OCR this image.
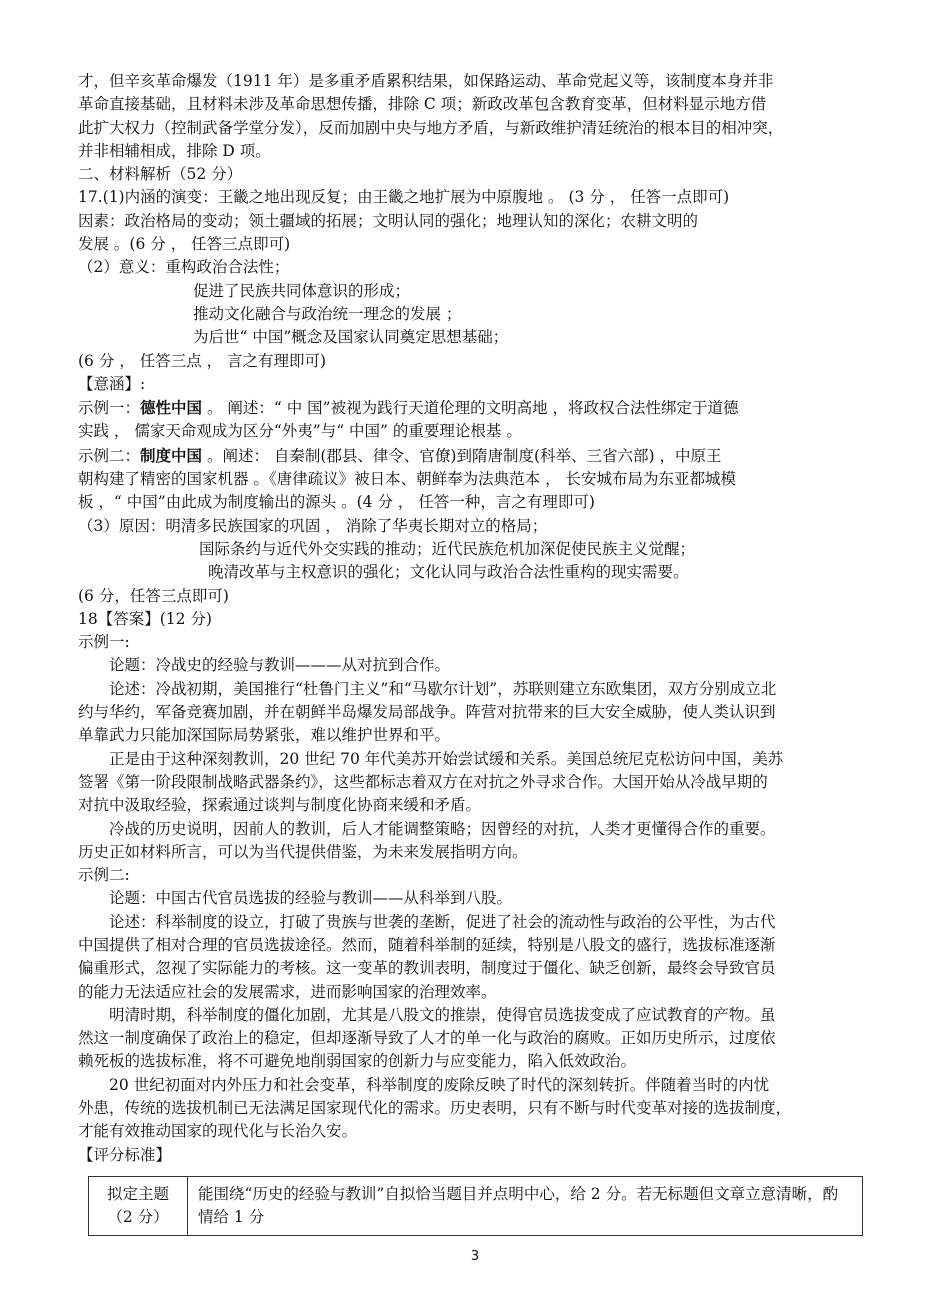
才，但辛亥革命爆发（1911 年）是多重矛盾累积结果，如保路运动、革命党起义等，该制度本身并非

革命直接基础，且材料未涉及革命思想传播，排除 C 项；新政改革包含教育变革，但材料显示地方借

此扩大权力（控制武备学堂分发），反而加剧中央与地方矛盾，与新政维护清廷统治的根本目的相冲突，

并非相辅相成，排除 D 项。

二、材料解析（52 分）

17.(1)内涵的演变：王畿之地出现反复；由王畿之地扩展为中原腹地 。 (3 分 ， 任答一点即可)

因素：政治格局的变动；领土疆域的拓展；文明认同的强化；地理认知的深化；农耕文明的

发展 。(6 分 ， 任答三点即可)

（2）意义：重构政治合法性；

促进了民族共同体意识的形成；

推动文化融合与政治统一理念的发展 ；

为后世“ 中国”概念及国家认同奠定思想基础；

(6 分 ， 任答三点 ， 言之有理即可)

【意涵】:

示例一：德性中国 。 阐述：“ 中 国”被视为践行天道伦理的文明高地 ，将政权合法性绑定于道德

实践 ， 儒家天命观成为区分“外夷”与“ 中国” 的重要理论根基 。

示例二：制度中国 。阐述： 自秦制(郡县、律令、官僚)到隋唐制度(科举、三省六部) ，中原王

朝构建了精密的国家机器 。《唐律疏议》被日本、朝鲜奉为法典范本 ， 长安城布局为东亚都城模

板 ，“ 中国”由此成为制度输出的源头 。(4 分 ， 任答一种，言之有理即可)

（3）原因：明清多民族国家的巩固 ， 消除了华夷长期对立的格局；

国际条约与近代外交实践的推动；近代民族危机加深促使民族主义觉醒；

晚清改革与主权意识的强化；文化认同与政治合法性重构的现实需要。

(6 分，任答三点即可)

18【答案】(12 分)

示例一:

论题：冷战史的经验与教训———从对抗到合作。

论述：冷战初期，美国推行“杜鲁门主义”和“马歇尔计划”，苏联则建立东欧集团，双方分别成立北

约与华约，军备竞赛加剧，并在朝鲜半岛爆发局部战争。阵营对抗带来的巨大安全威胁，使人类认识到

单靠武力只能加深国际局势紧张，难以维护世界和平。

正是由于这种深刻教训，20 世纪 70 年代美苏开始尝试缓和关系。美国总统尼克松访问中国，美苏

签署《第一阶段限制战略武器条约》，这些都标志着双方在对抗之外寻求合作。大国开始从冷战早期的

对抗中汲取经验，探索通过谈判与制度化协商来缓和矛盾。

冷战的历史说明，因前人的教训，后人才能调整策略；因曾经的对抗，人类才更懂得合作的重要。

历史正如材料所言，可以为当代提供借鉴，为未来发展指明方向。

示例二:

论题：中国古代官员选拔的经验与教训——从科举到八股。

论述：科举制度的设立，打破了贵族与世袭的垄断，促进了社会的流动性与政治的公平性，为古代

中国提供了相对合理的官员选拔途径。然而，随着科举制的延续，特别是八股文的盛行，选拔标准逐渐

偏重形式，忽视了实际能力的考核。这一变革的教训表明，制度过于僵化、缺乏创新，最终会导致官员

的能力无法适应社会的发展需求，进而影响国家的治理效率。

明清时期，科举制度的僵化加剧，尤其是八股文的推崇，使得官员选拔变成了应试教育的产物。虽

然这一制度确保了政治上的稳定，但却逐渐导致了人才的单一化与政治的腐败。正如历史所示，过度依

赖死板的选拔标准，将不可避免地削弱国家的创新力与应变能力，陷入低效政治。

20 世纪初面对内外压力和社会变革，科举制度的废除反映了时代的深刻转折。伴随着当时的内忧

外患，传统的选拔机制已无法满足国家现代化的需求。历史表明，只有不断与时代变革对接的选拔制度，

才能有效推动国家的现代化与长治久安。

【评分标准】

拟定主题
（2 分）
	能围绕“历史的经验与教训”自拟恰当题目并点明中心，给 2 分。若无标题但文章立意清晰，酌情给 1 分
3
